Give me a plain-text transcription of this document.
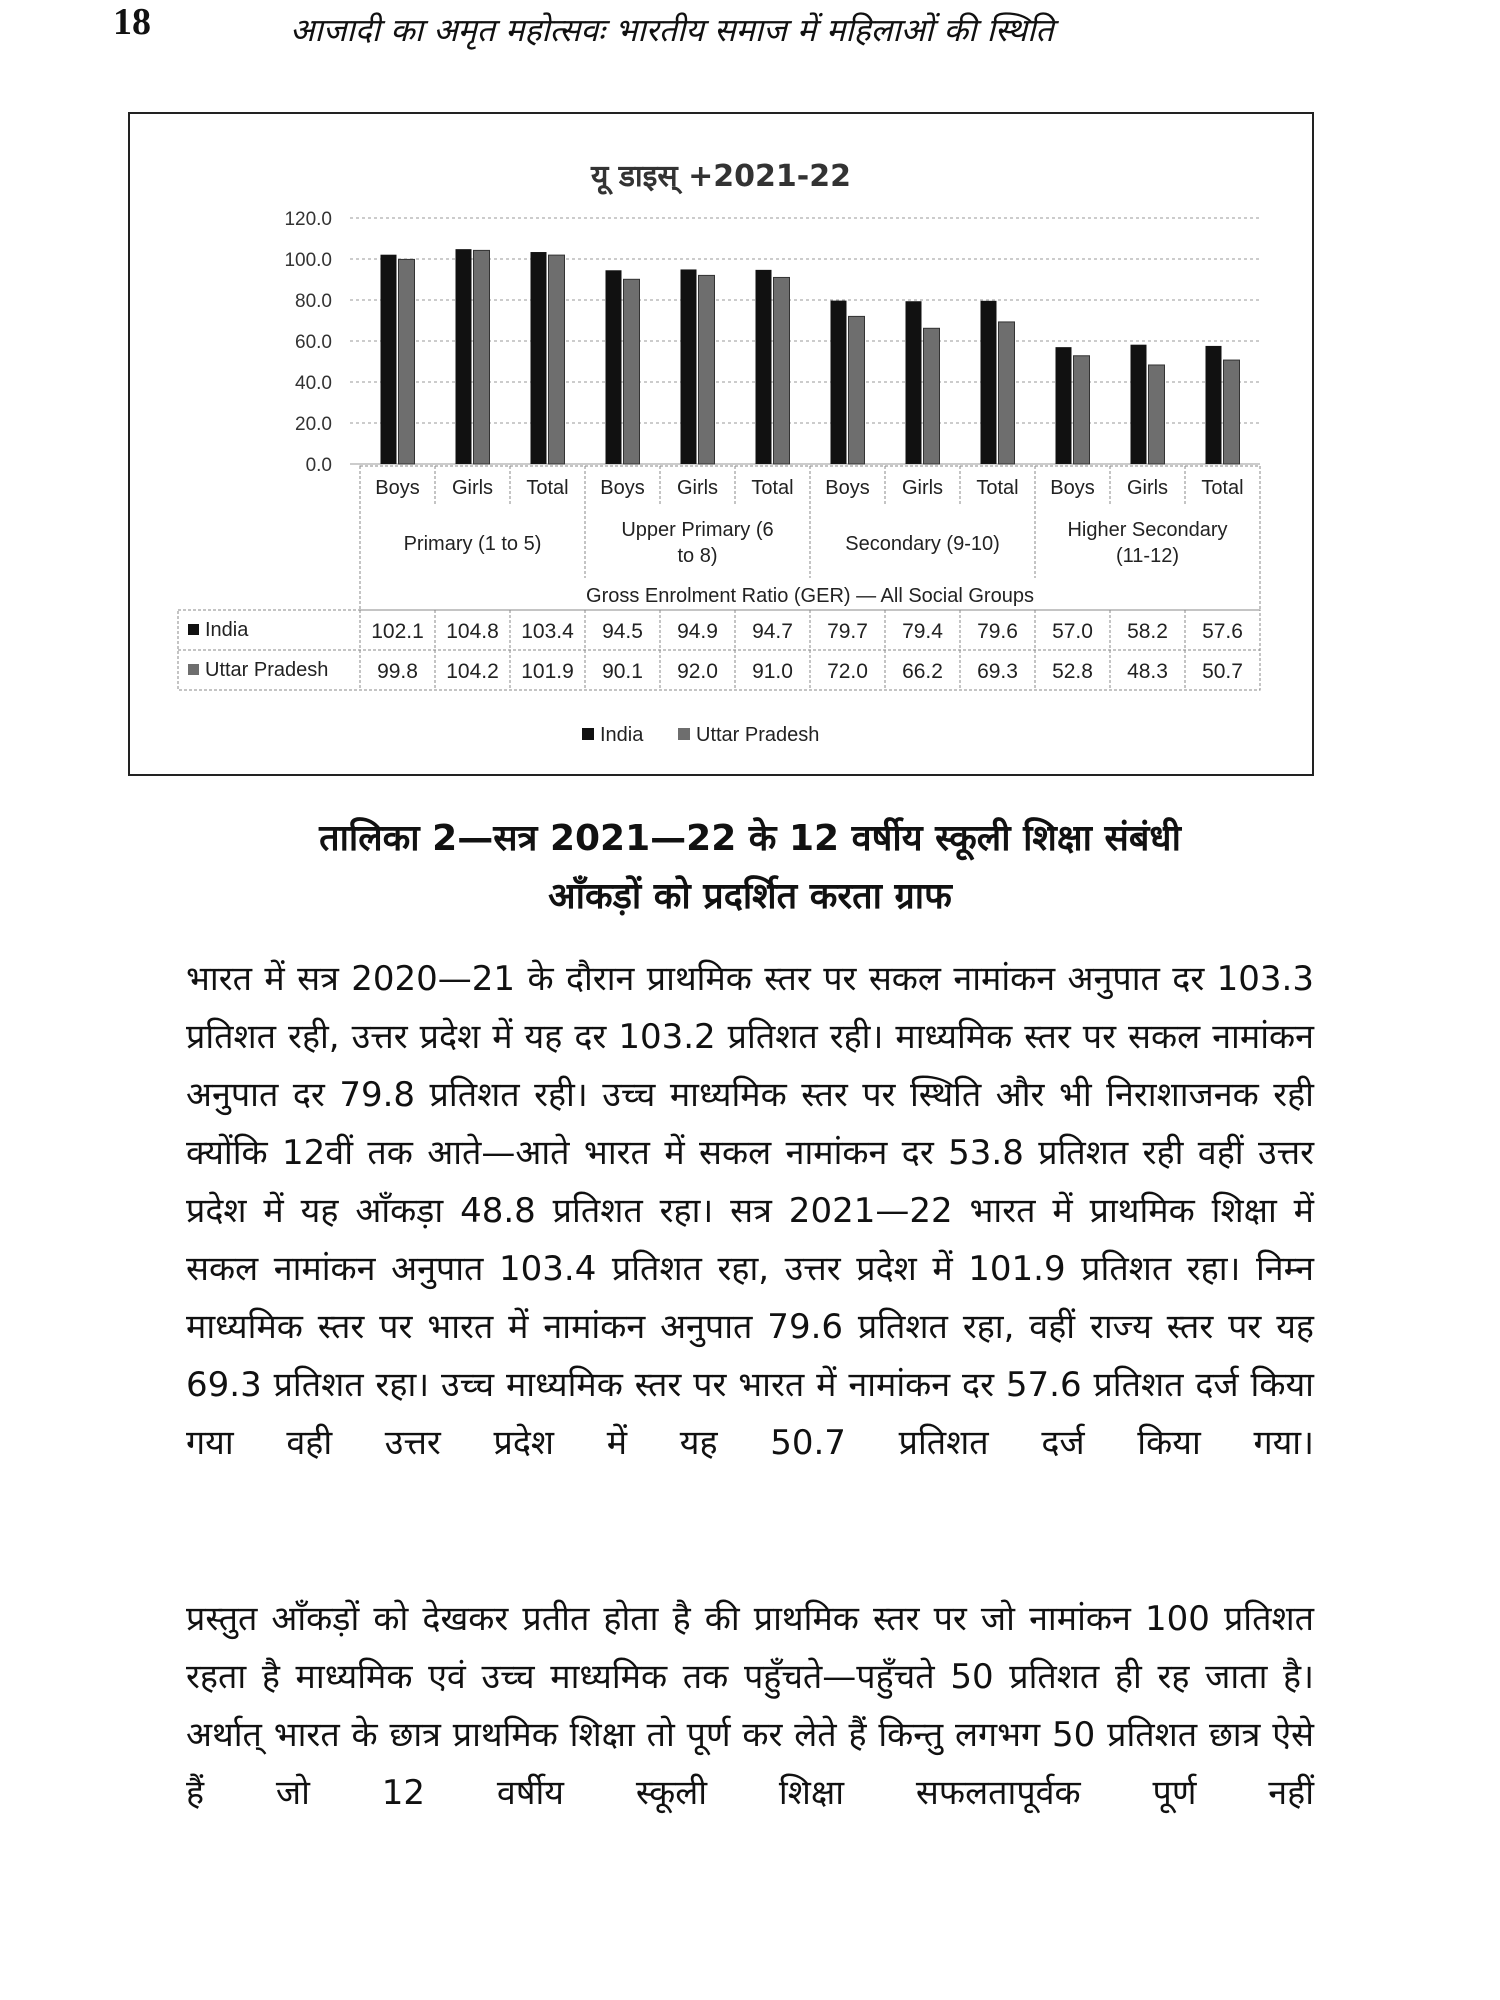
18	आजादी का अमृत महोत्सवः भारतीय समाज में महिलाओं की स्थिति
120.0
100.0
80.0
60.0
40.0
20.0
0.0
Boys Girls Total Boys Girls Total Boys Girls Total Boys Girls Total
Primary (1 to 5)
Upper Primary (6
to 8)
Secondary (9-10)
Higher Secondary
(11-12)
Gross Enrolment Ratio (GER) — All Social Groups
India	102.1 104.8 103.4 94.5 94.9 94.7 79.7 79.4 79.6 57.0 58.2 57.6
Uttar Pradesh 99.8 104.2 101.9 90.1 92.0 91.0 72.0 66.2 69.3 52.8 48.3 50.7
India	Uttar Pradesh
यू डाइस् +2021-22
तालिका 2—सत्र 2021—22 के 12 वर्षीय स्कूली शिक्षा संबंधी
आँकड़ों को प्रदर्शित करता ग्राफ
भारत में सत्र 2020—21 के दौरान प्राथमिक स्तर पर सकल नामांकन अनुपात दर 103.3 प्रतिशत रही, उत्तर प्रदेश में यह दर 103.2 प्रतिशत रही। माध्यमिक स्तर पर सकल नामांकन अनुपात दर 79.8 प्रतिशत रही। उच्च माध्यमिक स्तर पर स्थिति और भी निराशाजनक रही क्योंकि 12वीं तक आते—आते भारत में सकल नामांकन दर 53.8 प्रतिशत रही वहीं उत्तर प्रदेश में यह आँकड़ा 48.8 प्रतिशत रहा। सत्र 2021—22 भारत में प्राथमिक शिक्षा में सकल नामांकन अनुपात 103.4 प्रतिशत रहा, उत्तर प्रदेश में 101.9 प्रतिशत रहा। निम्न माध्यमिक स्तर पर भारत में नामांकन अनुपात 79.6 प्रतिशत रहा, वहीं राज्य स्तर पर यह 69.3 प्रतिशत रहा। उच्च माध्यमिक स्तर पर भारत में नामांकन दर 57.6 प्रतिशत दर्ज किया गया वही उत्तर प्रदेश में यह 50.7 प्रतिशत दर्ज किया गया।
प्रस्तुत आँकड़ों को देखकर प्रतीत होता है की प्राथमिक स्तर पर जो नामांकन 100 प्रतिशत रहता है माध्यमिक एवं उच्च माध्यमिक तक पहुँचते—पहुँचते 50 प्रतिशत ही रह जाता है। अर्थात् भारत के छात्र प्राथमिक शिक्षा तो पूर्ण कर लेते हैं किन्तु लगभग 50 प्रतिशत छात्र ऐसे हैं जो 12 वर्षीय स्कूली शिक्षा सफलतापूर्वक पूर्ण नहीं
